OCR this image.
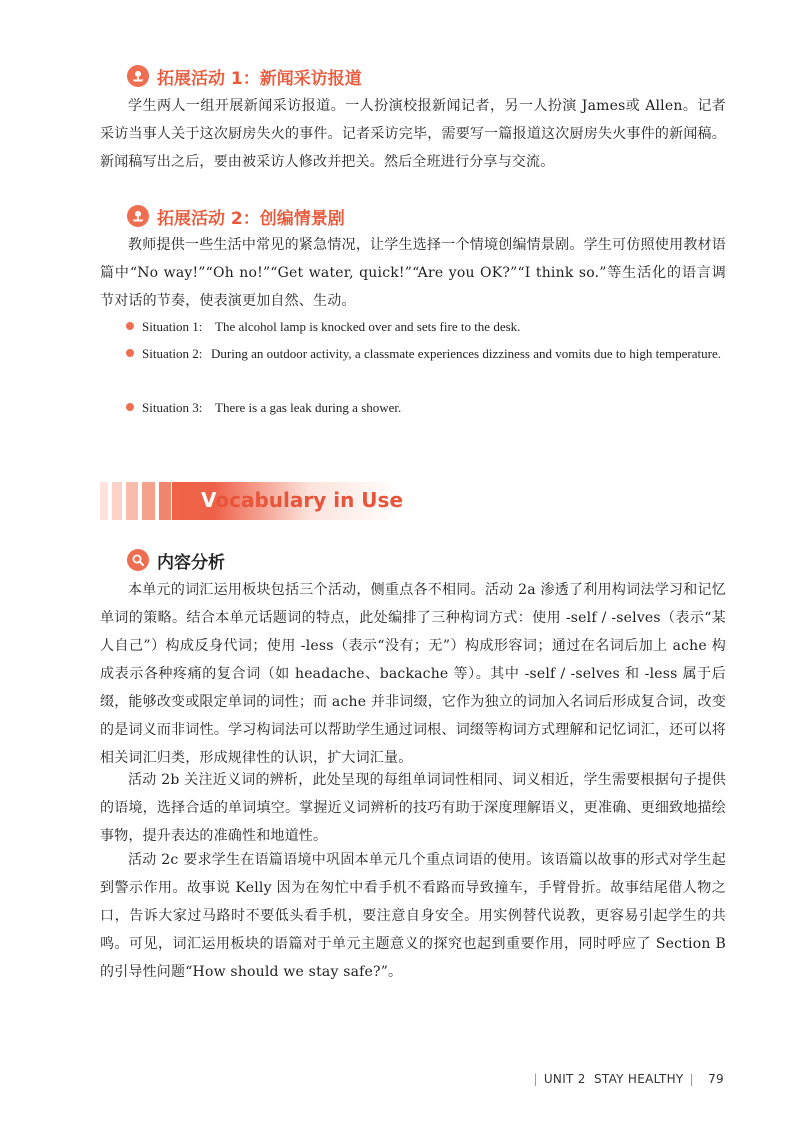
拓展活动 1：新闻采访报道

学生两人一组开展新闻采访报道。一人扮演校报新闻记者，另一人扮演 James或 Allen。记者采访当事人关于这次厨房失火的事件。记者采访完毕，需要写一篇报道这次厨房失火事件的新闻稿。新闻稿写出之后，要由被采访人修改并把关。然后全班进行分享与交流。

拓展活动 2：创编情景剧

教师提供一些生活中常见的紧急情况，让学生选择一个情境创编情景剧。学生可仿照使用教材语篇中“No way!”“Oh no!”“Get water, quick!”“Are you OK?”“I think so.”等生活化的语言调节对话的节奏，使表演更加自然、生动。

Situation 1: The alcohol lamp is knocked over and sets fire to the desk.
Situation 2: During an outdoor activity, a classmate experiences dizziness and vomits due to high temperature.
Situation 3: There is a gas leak during a shower.
Vocabulary in Use
内容分析

本单元的词汇运用板块包括三个活动，侧重点各不相同。活动 2a 渗透了利用构词法学习和记忆单词的策略。结合本单元话题词的特点，此处编排了三种构词方式：使用 -self / -selves（表示“某人自己”）构成反身代词；使用 -less（表示“没有；无”）构成形容词；通过在名词后加上 ache 构成表示各种疼痛的复合词（如 headache、backache 等）。其中 -self / -selves 和 -less 属于后缀，能够改变或限定单词的词性；而 ache 并非词缀，它作为独立的词加入名词后形成复合词，改变的是词义而非词性。学习构词法可以帮助学生通过词根、词缀等构词方式理解和记忆词汇，还可以将相关词汇归类，形成规律性的认识，扩大词汇量。

活动 2b 关注近义词的辨析，此处呈现的每组单词词性相同、词义相近，学生需要根据句子提供的语境，选择合适的单词填空。掌握近义词辨析的技巧有助于深度理解语义，更准确、更细致地描绘事物，提升表达的准确性和地道性。

活动 2c 要求学生在语篇语境中巩固本单元几个重点词语的使用。该语篇以故事的形式对学生起到警示作用。故事说 Kelly 因为在匆忙中看手机不看路而导致撞车，手臂骨折。故事结尾借人物之口，告诉大家过马路时不要低头看手机，要注意自身安全。用实例替代说教，更容易引起学生的共鸣。可见，词汇运用板块的语篇对于单元主题意义的探究也起到重要作用，同时呼应了 Section B 的引导性问题“How should we stay safe?”。

| UNIT 2 STAY HEALTHY | 79
